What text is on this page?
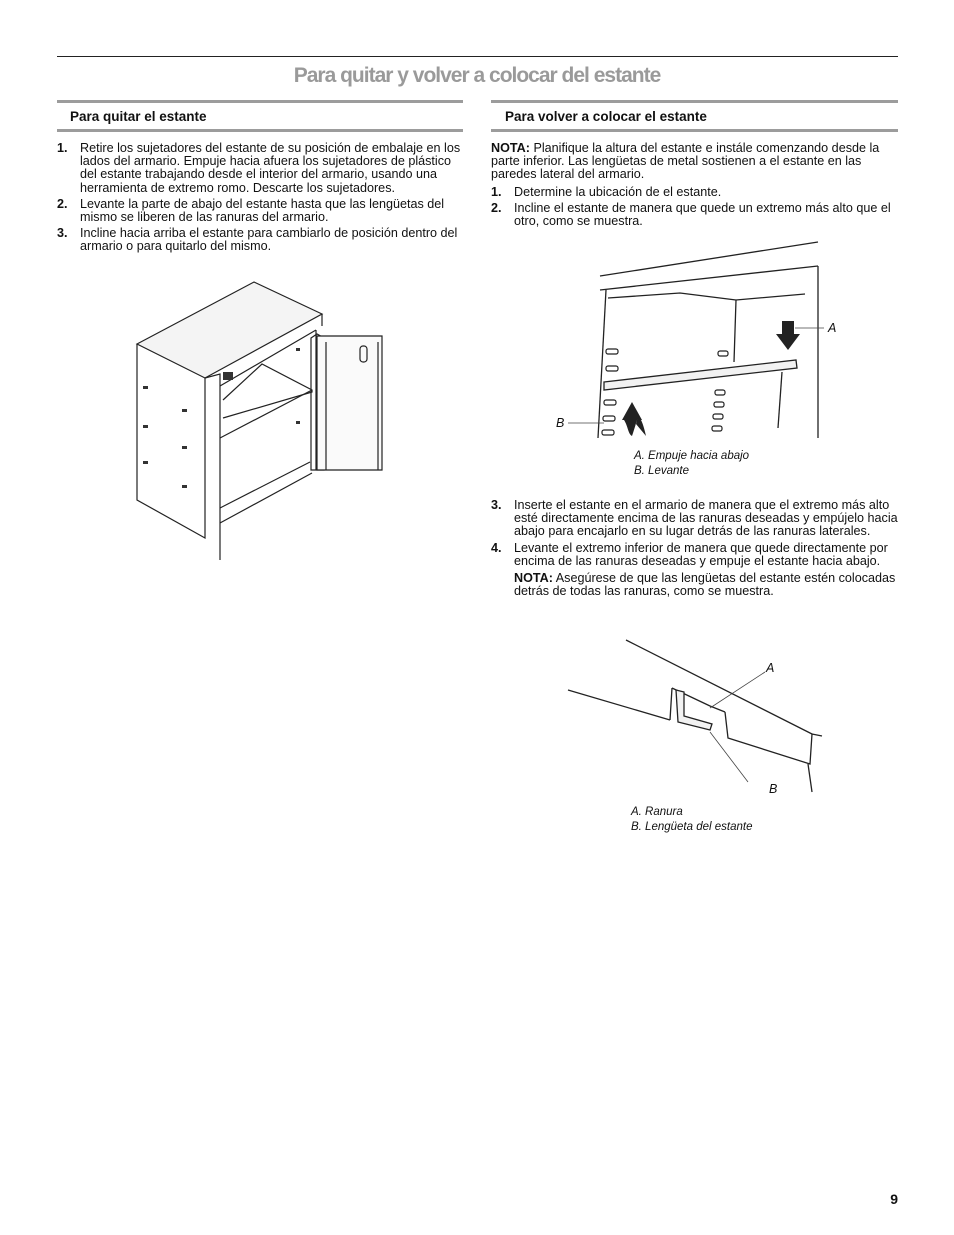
Para quitar y volver a colocar del estante
Para quitar el estante
1. Retire los sujetadores del estante de su posición de embalaje en los lados del armario. Empuje hacia afuera los sujetadores de plástico del estante trabajando desde el interior del armario, usando una herramienta de extremo romo. Descarte los sujetadores.
2. Levante la parte de abajo del estante hasta que las lengüetas del mismo se liberen de las ranuras del armario.
3. Incline hacia arriba el estante para cambiarlo de posición dentro del armario o para quitarlo del mismo.
Para volver a colocar el estante

NOTA: Planifique la altura del estante e instále comenzando desde la parte inferior. Las lengüetas de metal sostienen a el estante en las paredes lateral del armario.

1. Determine la ubicación de el estante.
2. Incline el estante de manera que quede un extremo más alto que el otro, como se muestra.
A
B
A. Empuje hacia abajo
B. Levante
3. Inserte el estante en el armario de manera que el extremo más alto esté directamente encima de las ranuras deseadas y empújelo hacia abajo para encajarlo en su lugar detrás de las ranuras laterales.
4. Levante el extremo inferior de manera que quede directamente por encima de las ranuras deseadas y empuje el estante hacia abajo.

NOTA: Asegúrese de que las lengüetas del estante estén colocadas detrás de todas las ranuras, como se muestra.

A
B
A. Ranura
B. Lengüeta del estante
9
